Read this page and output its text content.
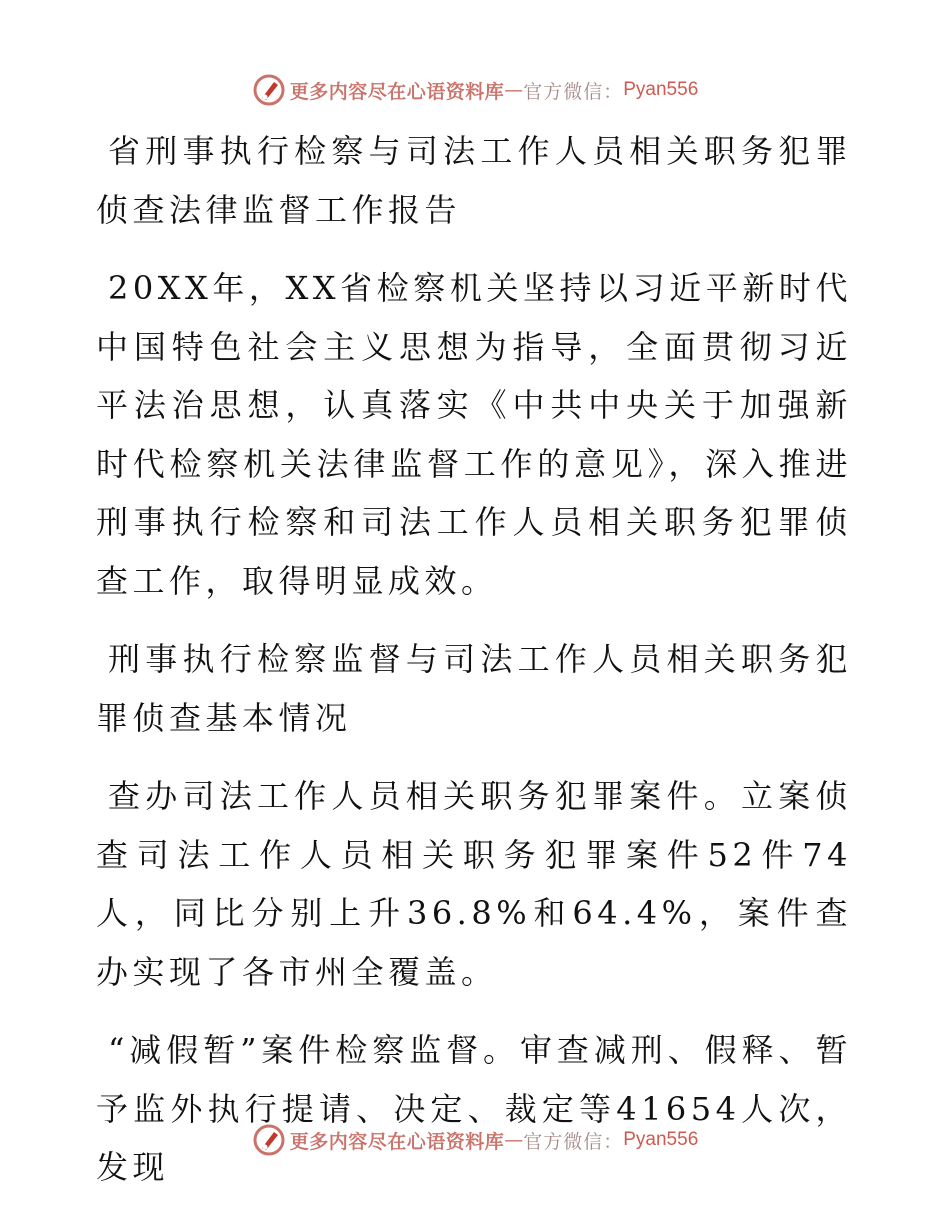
更多内容尽在心语资料库 — 官方微信： Pyan556

省刑事执行检察与司法工作人员相关职务犯罪侦查法律监督工作报告

20XX年，XX省检察机关坚持以习近平新时代中国特色社会主义思想为指导，全面贯彻习近平法治思想，认真落实《中共中央关于加强新时代检察机关法律监督工作的意见》，深入推进刑事执行检察和司法工作人员相关职务犯罪侦查工作，取得明显成效。

刑事执行检察监督与司法工作人员相关职务犯罪侦查基本情况

查办司法工作人员相关职务犯罪案件。立案侦查司法工作人员相关职务犯罪案件52件74人，同比分别上升36.8%和64.4%，案件查办实现了各市州全覆盖。

“减假暂”案件检察监督。审查减刑、假释、暂予监外执行提请、决定、裁定等41654人次，发现

更多内容尽在心语资料库 — 官方微信： Pyan556
